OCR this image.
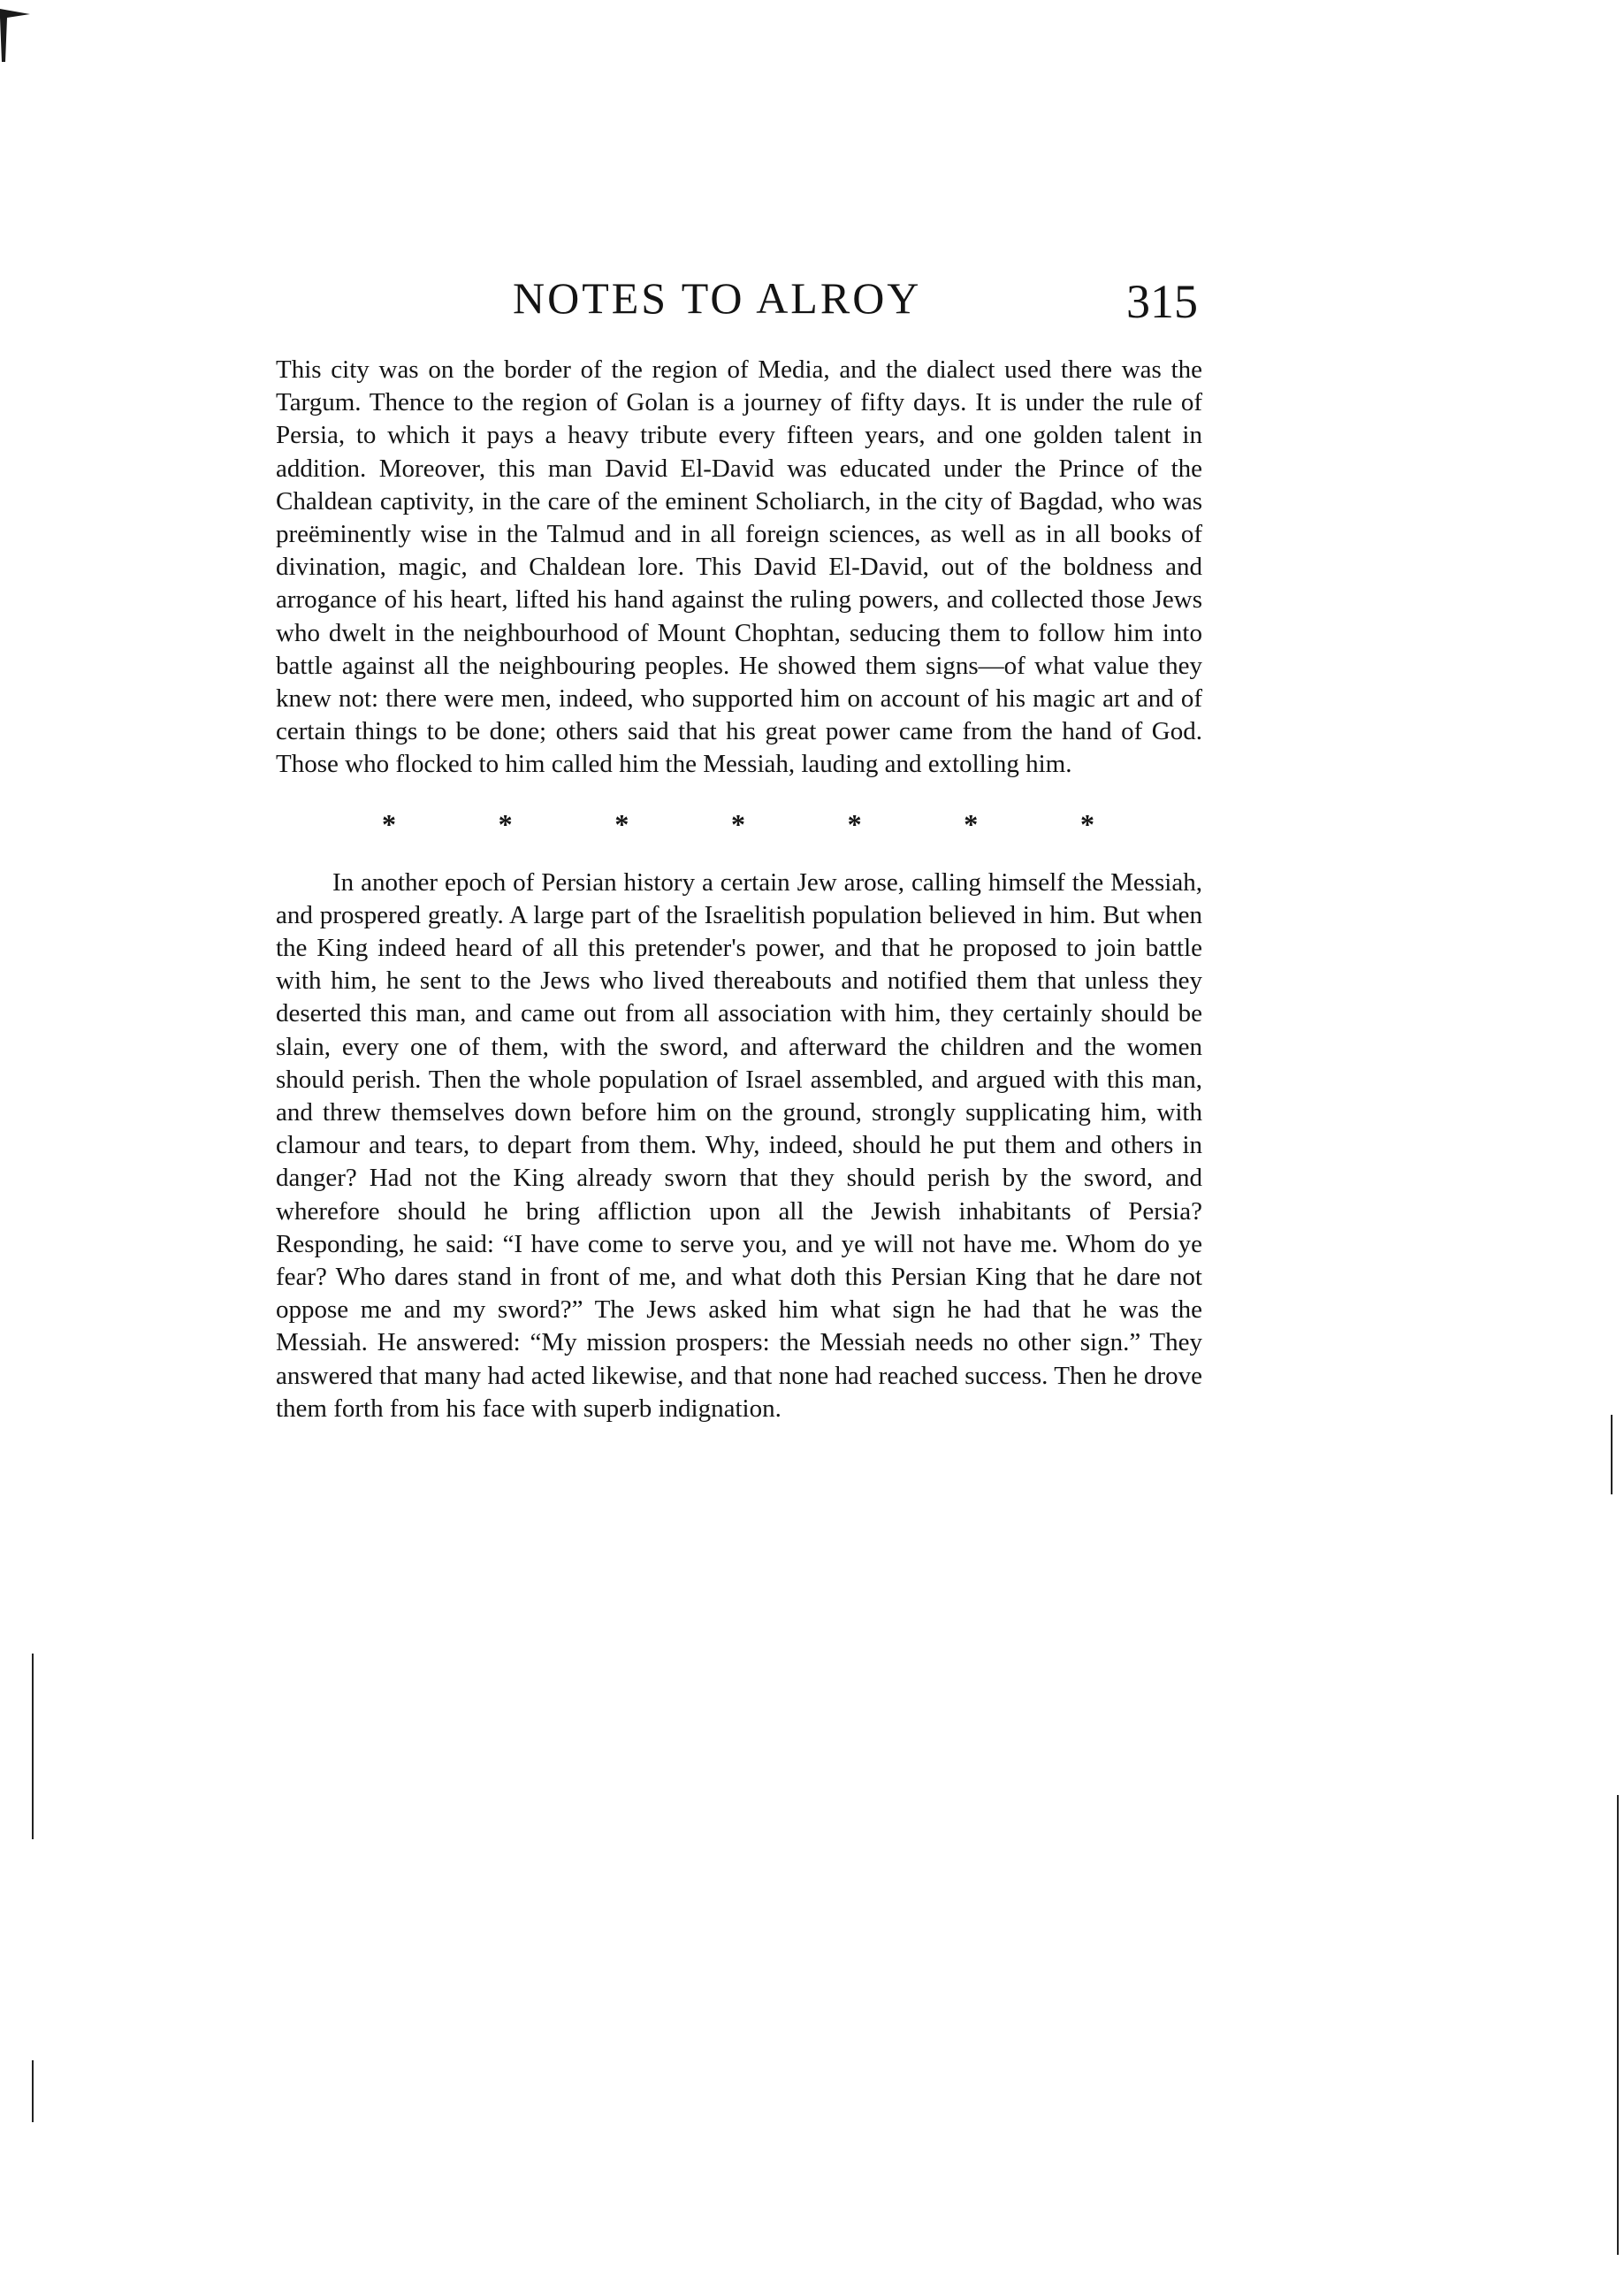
NOTES TO ALROY	315

This city was on the border of the region of Media, and the dialect used there was the Targum. Thence to the region of Golan is a journey of fifty days. It is under the rule of Persia, to which it pays a heavy tribute every fifteen years, and one golden talent in addition. Moreover, this man David El-David was educated under the Prince of the Chaldean captivity, in the care of the eminent Scholiarch, in the city of Bagdad, who was preëminently wise in the Talmud and in all foreign sciences, as well as in all books of divination, magic, and Chaldean lore. This David El-David, out of the boldness and arrogance of his heart, lifted his hand against the ruling powers, and collected those Jews who dwelt in the neighbourhood of Mount Chophtan, seducing them to follow him into battle against all the neighbouring peoples. He showed them signs—of what value they knew not: there were men, indeed, who supported him on account of his magic art and of certain things to be done; others said that his great power came from the hand of God. Those who flocked to him called him the Messiah, lauding and extolling him.

*	*	*	*	*	*	*

In another epoch of Persian history a certain Jew arose, calling himself the Messiah, and prospered greatly. A large part of the Israelitish population believed in him. But when the King indeed heard of all this pretender's power, and that he proposed to join battle with him, he sent to the Jews who lived thereabouts and notified them that unless they deserted this man, and came out from all association with him, they certainly should be slain, every one of them, with the sword, and afterward the children and the women should perish. Then the whole population of Israel assembled, and argued with this man, and threw themselves down before him on the ground, strongly supplicating him, with clamour and tears, to depart from them. Why, indeed, should he put them and others in danger? Had not the King already sworn that they should perish by the sword, and wherefore should he bring affliction upon all the Jewish inhabitants of Persia? Responding, he said: “I have come to serve you, and ye will not have me. Whom do ye fear? Who dares stand in front of me, and what doth this Persian King that he dare not oppose me and my sword?” The Jews asked him what sign he had that he was the Messiah. He answered: “My mission prospers: the Messiah needs no other sign.” They answered that many had acted likewise, and that none had reached success. Then he drove them forth from his face with superb indignation.
